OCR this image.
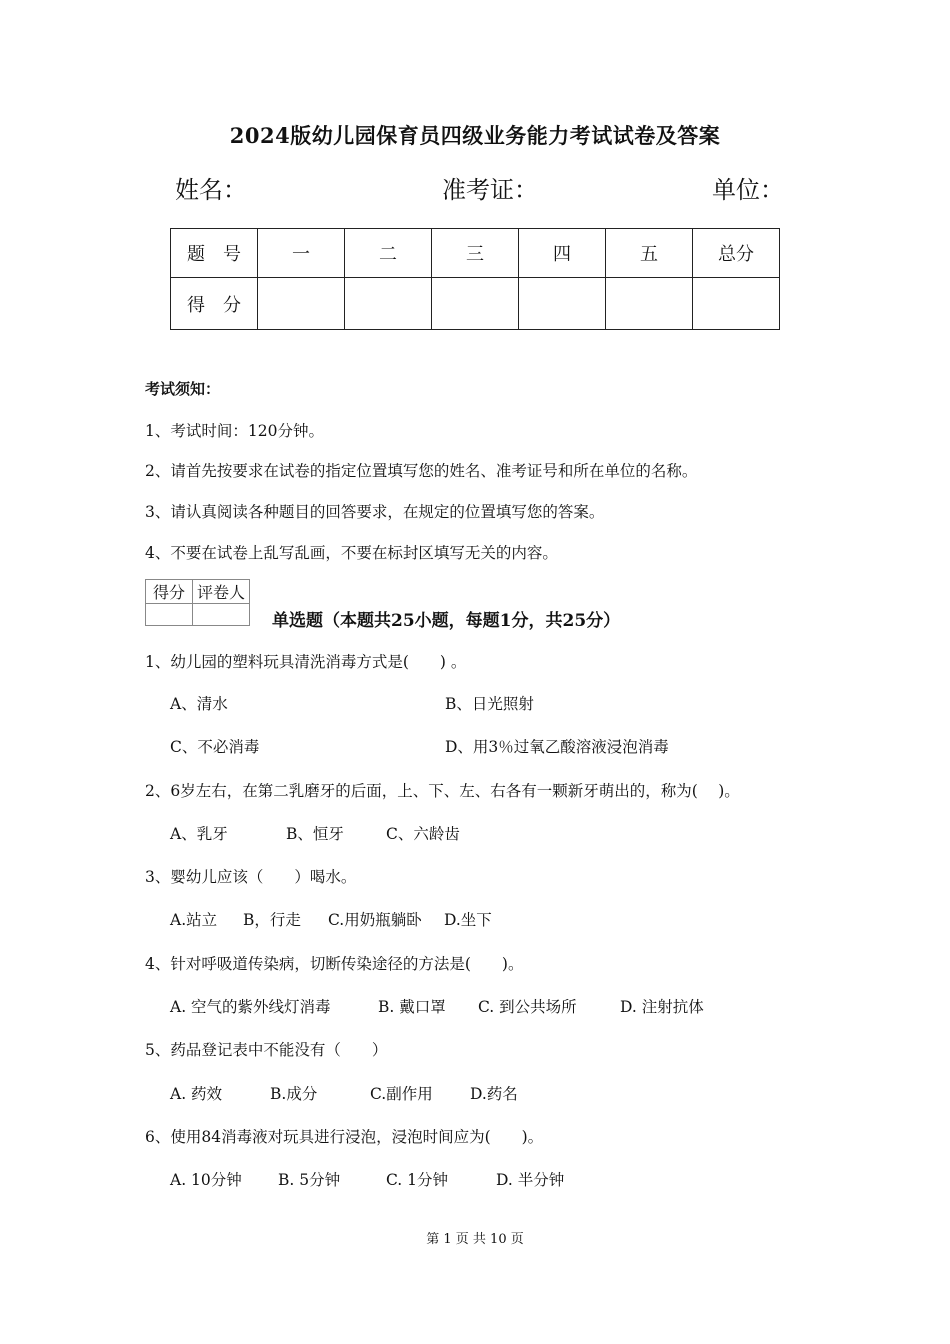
2024版幼儿园保育员四级业务能力考试试卷及答案
姓名：	准考证：	单位：
题　号	一	二	三	四	五	总分
得　分						
考试须知：
1、考试时间：120分钟。
2、请首先按要求在试卷的指定位置填写您的姓名、准考证号和所在单位的名称。
3、请认真阅读各种题目的回答要求，在规定的位置填写您的答案。
4、不要在试卷上乱写乱画，不要在标封区填写无关的内容。
得分	评卷人

单选题（本题共25小题，每题1分，共25分）
1、幼儿园的塑料玩具清洗消毒方式是(　　) 。
A、清水	B、日光照射
C、不必消毒	D、用3％过氧乙酸溶液浸泡消毒
2、6岁左右，在第二乳磨牙的后面，上、下、左、右各有一颗新牙萌出的，称为(　 )。
A、乳牙	B、恒牙	C、六龄齿
3、婴幼儿应该（　　）喝水。
A.站立 B，行走 C.用奶瓶躺卧 D.坐下
4、针对呼吸道传染病，切断传染途径的方法是(　　)。
A. 空气的紫外线灯消毒	B. 戴口罩 C. 到公共场所	D. 注射抗体
5、药品登记表中不能没有（　　）
A. 药效	B.成分	C.副作用 D.药名
6、使用84消毒液对玩具进行浸泡，浸泡时间应为(　　)。
A. 10分钟 B. 5分钟	C. 1分钟	D. 半分钟
第 1 页 共 10 页
